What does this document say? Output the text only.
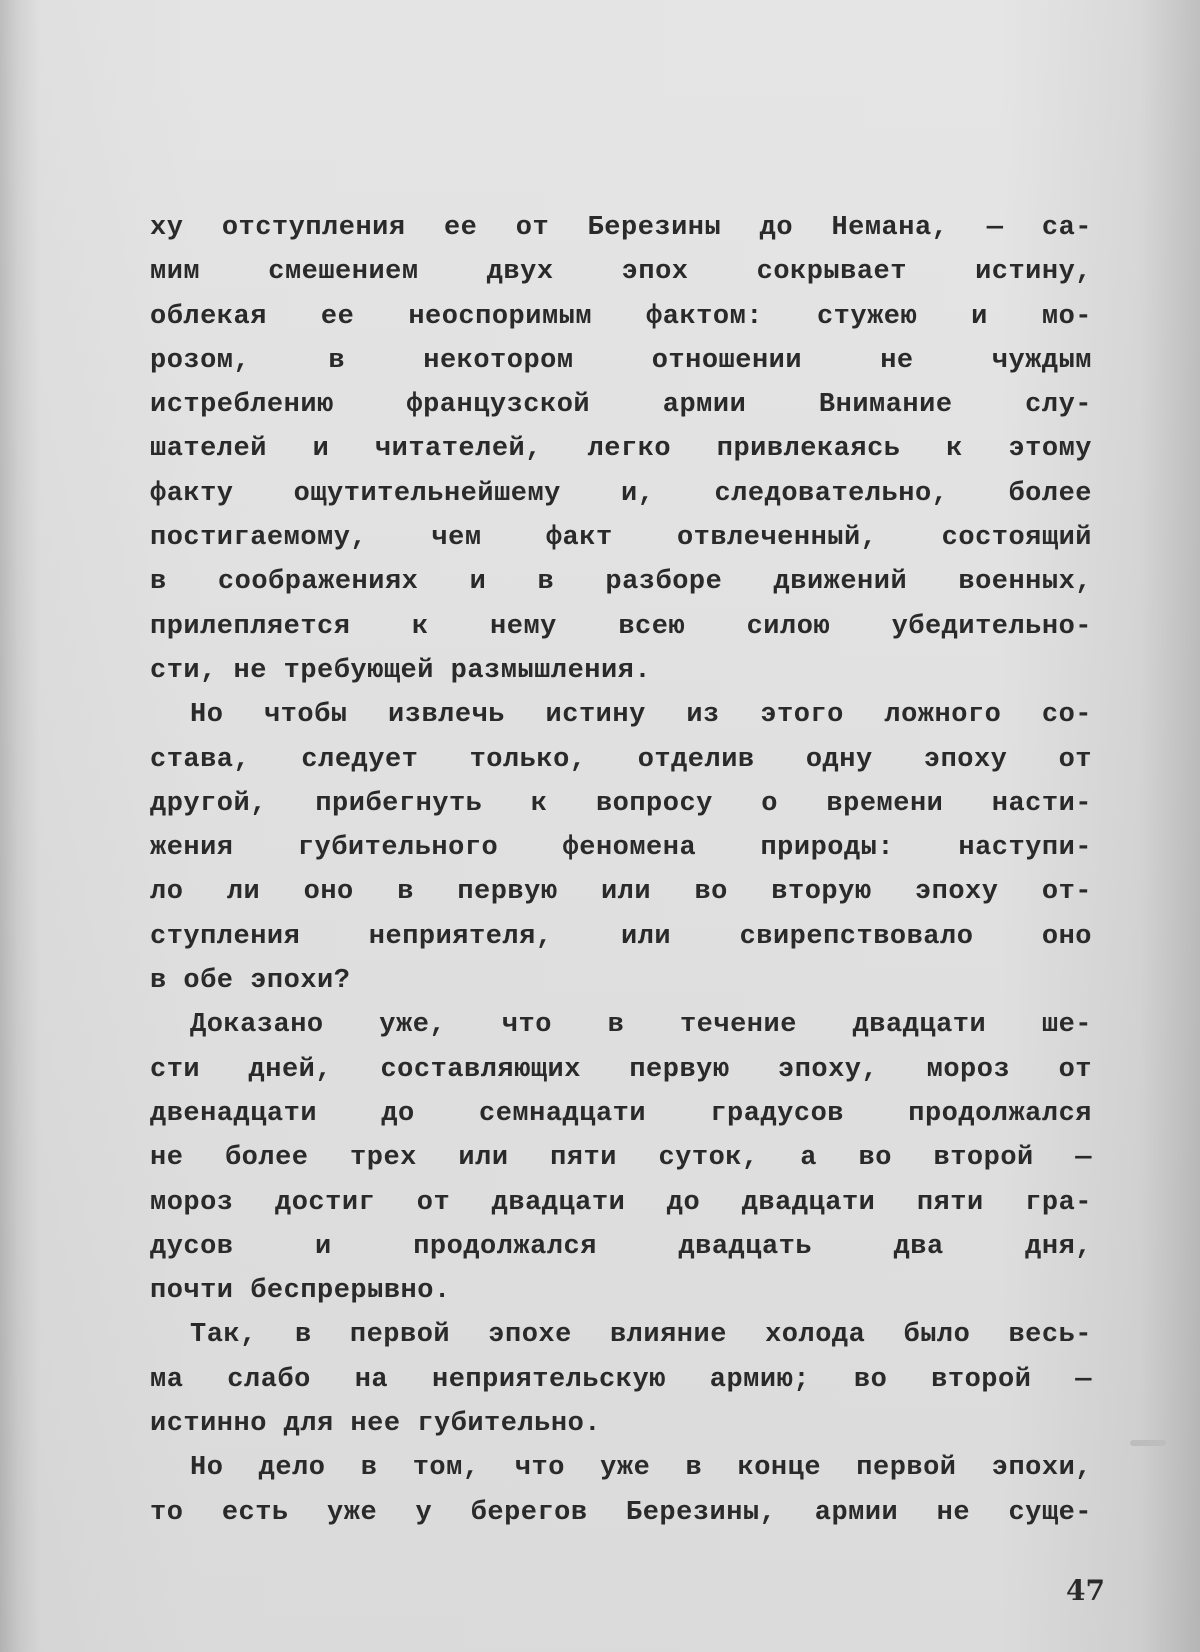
ху отступления ее от Березины до Немана, — са-
мим смешением двух эпох сокрывает истину,
облекая ее неоспоримым фактом: стужею и мо-
розом, в некотором отношении не чуждым
истреблению французской армии Внимание слу-
шателей и читателей, легко привлекаясь к этому
факту ощутительнейшему и, следовательно, более
постигаемому, чем факт отвлеченный, состоящий
в соображениях и в разборе движений военных,
прилепляется к нему всею силою убедительно-
сти, не требующей размышления.
Но чтобы извлечь истину из этого ложного со-
става, следует только, отделив одну эпоху от
другой, прибегнуть к вопросу о времени насти-
жения губительного феномена природы: наступи-
ло ли оно в первую или во вторую эпоху от-
ступления неприятеля, или свирепствовало оно
в обе эпохи?
Доказано уже, что в течение двадцати ше-
сти дней, составляющих первую эпоху, мороз от
двенадцати до семнадцати градусов продолжался
не более трех или пяти суток, а во второй —
мороз достиг от двадцати до двадцати пяти гра-
дусов и продолжался двадцать два дня,
почти беспрерывно.
Так, в первой эпохе влияние холода было весь-
ма слабо на неприятельскую армию; во второй —
истинно для нее губительно.
Но дело в том, что уже в конце первой эпохи,
то есть уже у берегов Березины, армии не суще-
47
